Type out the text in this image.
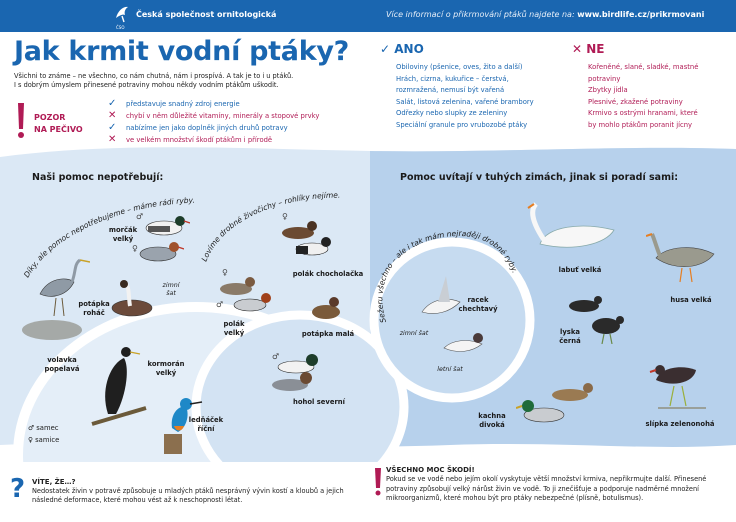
ČSO
Česká společnost ornitologická	Více informací o přikrmování ptáků najdete na: www.birdlife.cz/prikrmovani
Jak krmit vodní ptáky?
Všichni to známe – ne všechno, co nám chutná, nám i prospívá. A tak je to i u ptáků.
I s dobrým úmyslem přinesené potraviny mohou někdy vodním ptákům uškodit.
POZOR
NA PEČIVO
✓ představuje snadný zdroj energie
✕ chybí v něm důležité vitamíny, minerály a stopové prvky
✓ nabízíme jen jako doplněk jiných druhů potravy
✕ ve velkém množství škodí ptákům i přírodě
✓ ANO
Obiloviny (pšenice, oves, žito a další)
Hrách, cizrna, kukuřice – čerstvá,
rozmražená, nemusí být vařená
Salát, listová zelenina, vařené brambory
Odřezky nebo slupky ze zeleniny
Speciální granule pro vrubozobé ptáky
✕ NE
Kořeněné, slané, sladké, mastné
potraviny
Zbytky jídla
Plesnivé, zkažené potraviny
Krmivo s ostrými hranami, které
by mohlo ptákům poranit jícny
Naši pomoc nepotřebují:	Pomoc uvítají v tuhých zimách, jinak si poradí sami:
Díky, ale pomoc nepotřebujeme – máme rádi ryby.
Lovíme drobné živočichy – rohlíky nejíme.
Sežeru všechno – ale i tak mám nejraději drobné ryby.
morčák
velký
zimní
šat
potápka
roháč
volavka
popelavá
kormorán
velký
ledňáček
říční
polák chocholačka
polák
velký	potápka malá
hohol severní
♂
♀
♀
♀
♂
♂
♂ samec
♀ samice
racek
chechtavý
zimní šat
letní šat
labuť velká
husa velká
lyska
černá
kachna
divoká	slípka zelenonohá
? VÍTE, ŽE…?
Nedostatek živin v potravě způsobuje u mladých ptáků nesprávný vývin kostí a kloubů a jejich následné deformace, které mohou vést až k neschopnosti létat.
VŠECHNO MOC ŠKODÍ!
Pokud se ve vodě nebo jejím okolí vyskytuje větší množství krmiva, nepřikrmujte další. Přinesené potraviny způsobují velký nárůst živin ve vodě. To ji znečišťuje a podporuje nadměrné množení mikroorganizmů, které mohou být pro ptáky nebezpečné (plísně, botulismus).
